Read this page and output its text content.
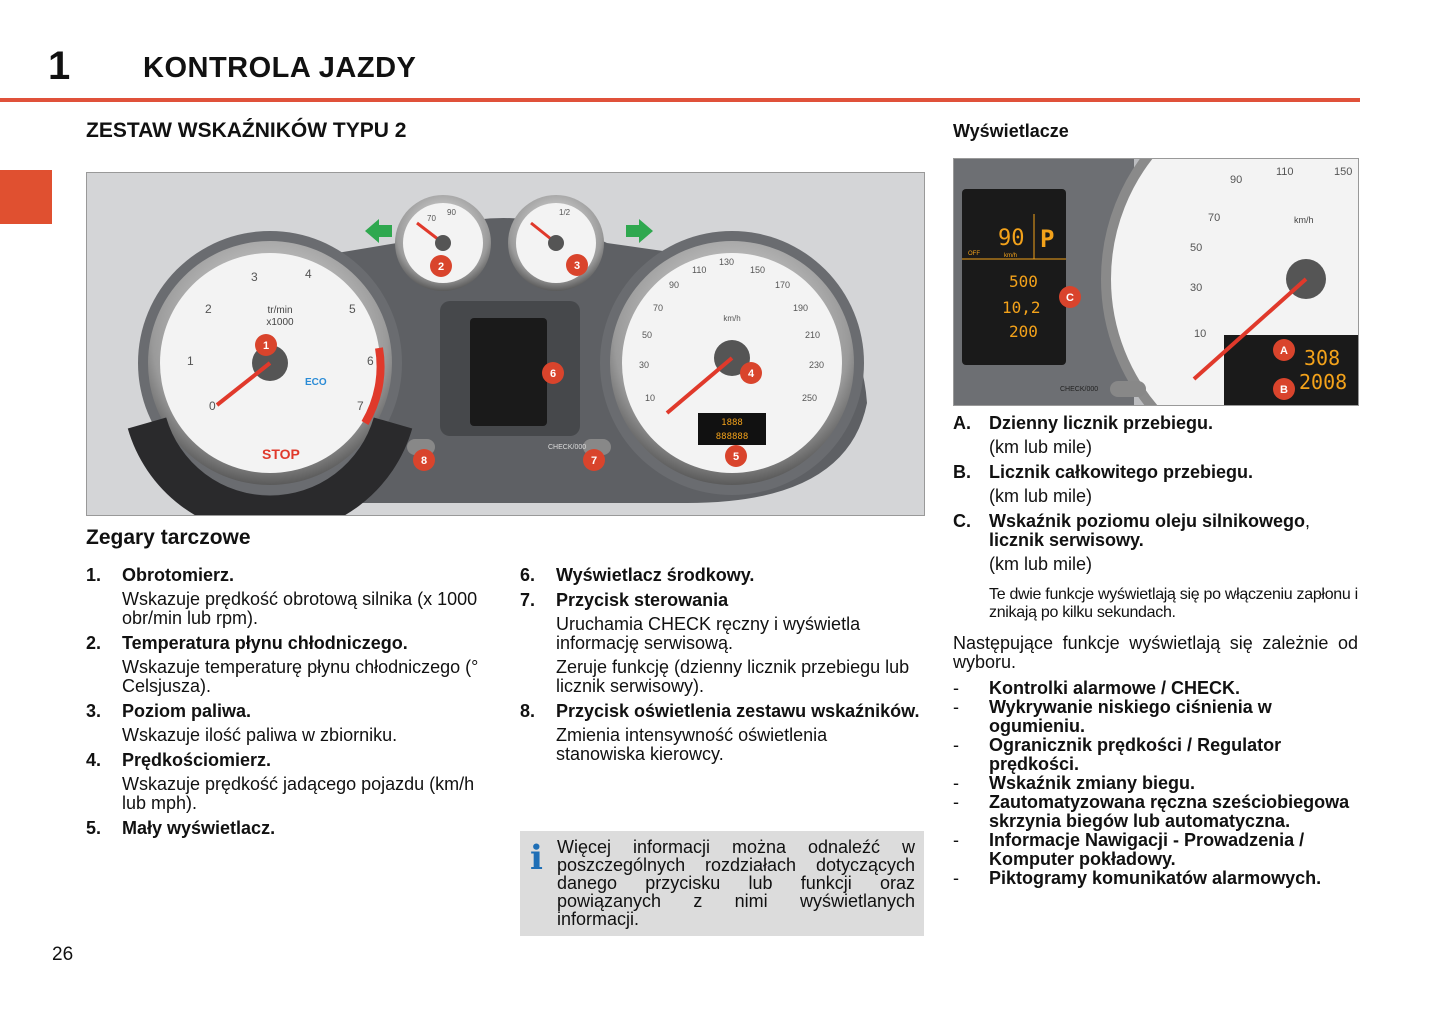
1	KONTROLA JAZDY
ZESTAW WSKAŹNIKÓW TYPU 2	Wyświetlacze
tr/min
x1000
ECO
STOP
0
1
2
3	4
5
6
7
70
90	1/2
1888
888888
km/h
10
30
50
70
90
110
130
150
170
190
210
230
250
CHECK/000
1
2	3
4
5
6
7
8
90 P
OFF	km/h
500
10,2
200
308
2008
km/h
10
30
50
70
90
110	150
CHECK/000
A
B
C
Zegary tarczowe
1. Obrotomierz.
Wskazuje prędkość obrotową silnika (x 1000 obr/min lub rpm).
2. Temperatura płynu chłodniczego.
Wskazuje temperaturę płynu chłodniczego (° Celsjusza).
3. Poziom paliwa.
Wskazuje ilość paliwa w zbiorniku.
4. Prędkościomierz.
Wskazuje prędkość jadącego pojazdu (km/h lub mph).
5. Mały wyświetlacz.
6. Wyświetlacz środkowy.
7. Przycisk sterowania
Uruchamia CHECK ręczny i wyświetla informację serwisową.
Zeruje funkcję (dzienny licznik przebiegu lub licznik serwisowy).
8. Przycisk oświetlenia zestawu wskaźników.
Zmienia intensywność oświetlenia stanowiska kierowcy.
i Więcej informacji można odnaleźć w poszczególnych rozdziałach dotyczących danego przycisku lub funkcji oraz powiązanych z nimi wyświetlanych informacji.
A. Dzienny licznik przebiegu.
(km lub mile)
B. Licznik całkowitego przebiegu.
(km lub mile)
C. Wskaźnik poziomu oleju silnikowego,
licznik serwisowy.
(km lub mile)
Te dwie funkcje wyświetlają się po włączeniu zapłonu i znikają po kilku sekundach.
Następujące funkcje wyświetlają się zależnie od wyboru.
- Kontrolki alarmowe / CHECK.
- Wykrywanie niskiego ciśnienia w ogumieniu.
- Ogranicznik prędkości / Regulator prędkości.
- Wskaźnik zmiany biegu.
- Zautomatyzowana ręczna sześciobiegowa skrzynia biegów lub automatyczna.
- Informacje Nawigacji - Prowadzenia / Komputer pokładowy.
- Piktogramy komunikatów alarmowych.
26
